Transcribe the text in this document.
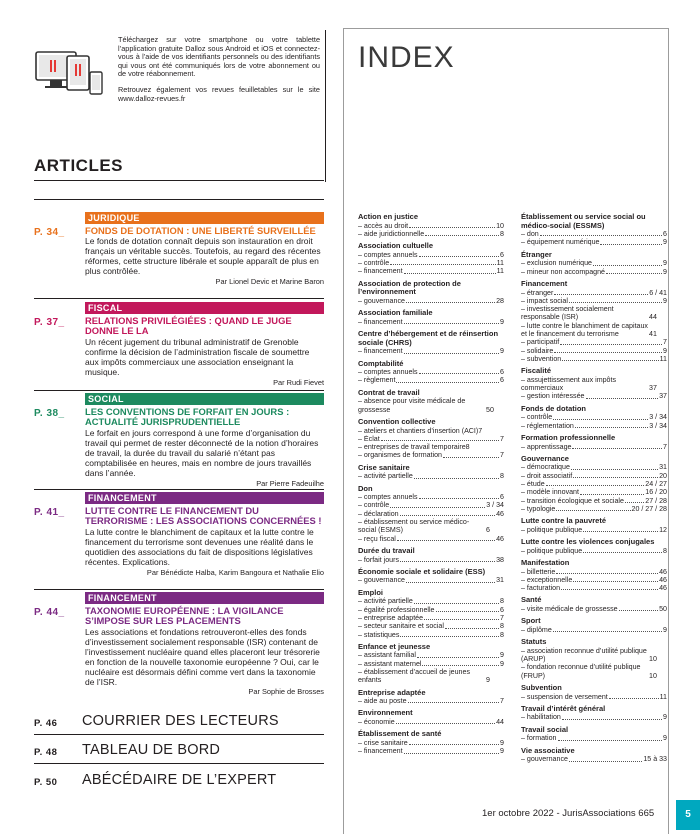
Téléchargez sur votre smartphone ou votre tablette l’application gratuite Dalloz sous Android et iOS et connectez-vous à l’aide de vos identifiants personnels ou des identifiants qui vous ont été communiqués lors de votre abonnement ou de votre réabonnement.

Retrouvez également vos revues feuilletables sur le site www.dalloz-revues.fr

INDEX
Action en justice
– accès au droit	10
– aide juridictionnelle	8
Association cultuelle
– comptes annuels	6
– contrôle	11
– financement	11
Association de protection de l’environnement
– gouvernance	28
Association familiale
– financement	9
Centre d’hébergement et de réinsertion sociale (CHRS)
– financement	9
Comptabilité
– comptes annuels	6
– règlement	6
Contrat de travail
– absence pour visite médicale de grossesse	50
Convention collective
– ateliers et chantiers d’insertion (ACI) 7
– Éclat	7
– entreprises de travail temporaire 8
– organismes de formation	7
Crise sanitaire
– activité partielle	8
Don
– comptes annuels	6
– contrôle	3 / 34
– déclaration	46
– établissement ou service médico-social (ESMS)	6
– reçu fiscal	46
Durée du travail
– forfait jours	38
Économie sociale et solidaire (ESS)
– gouvernance	31
Emploi
– activité partielle	8
– égalité professionnelle	6
– entreprise adaptée	7
– secteur sanitaire et social	8
– statistiques	8
Enfance et jeunesse
– assistant familial	9
– assistant maternel	9
– établissement d’accueil de jeunes enfants	9
Entreprise adaptée
– aide au poste	7
Environnement
– économie	44
Établissement de santé
– crise sanitaire	9
– financement	9
Établissement ou service social ou médico-social (ESSMS)
– don	6
– équipement numérique	9
Étranger
– exclusion numérique	9
– mineur non accompagné	9
Financement
– étranger	6 / 41
– impact social	9
– investissement socialement responsable (ISR)	44
– lutte contre le blanchiment de capitaux et le financement du terrorisme	41
– participatif	7
– solidaire	9
– subvention	11
Fiscalité
– assujettissement aux impôts commerciaux	37
– gestion intéressée	37
Fonds de dotation
– contrôle	3 / 34
– réglementation	3 / 34
Formation professionnelle
– apprentissage	7
Gouvernance
– démocratique	31
– droit associatif	20
– étude	24 / 27
– modèle innovant	16 / 20
– transition écologique et sociale	27 / 28
– typologie	20 / 27 / 28
Lutte contre la pauvreté
– politique publique	12
Lutte contre les violences conjugales
– politique publique	8
Manifestation
– billetterie	46
– exceptionnelle	46
– facturation	46
Santé
– visite médicale de grossesse	50
Sport
– diplôme	9
Statuts
– association reconnue d’utilité publique (ARUP)	10
– fondation reconnue d’utilité publique (FRUP)	10
Subvention
– suspension de versement	11
Travail d’intérêt général
– habilitation	9
Travail social
– formation	9
Vie associative
– gouvernance	15 à 33
ARTICLES
P. 34_
JURIDIQUE
FONDS DE DOTATION : UNE LIBERTÉ SURVEILLÉE
Le fonds de dotation connaît depuis son instauration en droit français un véritable succès. Toutefois, au regard des récentes réformes, cette structure libérale et souple apparaît de plus en plus contrôlée.
Par Lionel Devic et Marine Baron
P. 37_
FISCAL
RELATIONS PRIVILÉGIÉES : QUAND LE JUGE DONNE LE LA
Un récent jugement du tribunal administratif de Grenoble confirme la décision de l’administration fiscale de soumettre aux impôts commerciaux une association enseignant la musique.
Par Rudi Fievet
P. 38_
SOCIAL
LES CONVENTIONS DE FORFAIT EN JOURS : ACTUALITÉ JURISPRUDENTIELLE
Le forfait en jours correspond à une forme d’organisation du travail qui permet de rester déconnecté de la notion d’horaires de travail, la durée du travail du salarié n’étant pas comptabilisée en heures, mais en nombre de jours travaillés dans l’année.
Par Pierre Fadeuilhe
P. 41_
FINANCEMENT
LUTTE CONTRE LE FINANCEMENT DU TERRORISME : LES ASSOCIATIONS CONCERNÉES !
La lutte contre le blanchiment de capitaux et la lutte contre le financement du terrorisme sont devenues une réalité dans le quotidien des associations du fait de dispositions législatives récentes. Explications.
Par Bénédicte Halba, Karim Bangoura et Nathalie Elio
P. 44_
FINANCEMENT
TAXONOMIE EUROPÉENNE : LA VIGILANCE S’IMPOSE SUR LES PLACEMENTS
Les associations et fondations retrouveront-elles des fonds d’investissement socialement responsable (ISR) contenant de l’investissement nucléaire quand elles placeront leur trésorerie en fonction de la nouvelle taxonomie européenne ? Oui, car le nucléaire est désormais défini comme vert dans la taxonomie de l’ISR.
Par Sophie de Brosses
P. 46 COURRIER DES LECTEURS
P. 48 TABLEAU DE BORD
P. 50 ABÉCÉDAIRE DE L’EXPERT
1er octobre 2022 - JurisAssociations 665	5
